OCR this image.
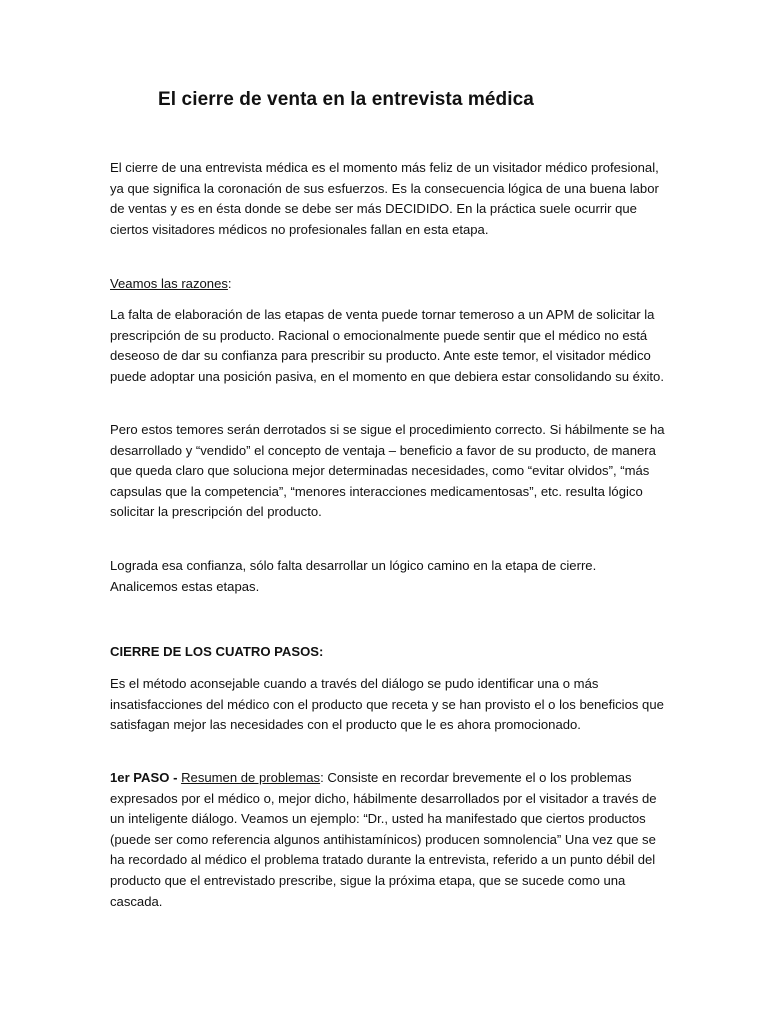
El cierre de venta en la entrevista médica

El cierre de una entrevista médica es el momento más feliz de un visitador médico profesional, ya que significa la coronación de sus esfuerzos. Es la consecuencia lógica de una buena labor de ventas y es en ésta donde se debe ser más DECIDIDO. En la práctica suele ocurrir que ciertos visitadores médicos no profesionales fallan en esta etapa.

Veamos las razones:

La falta de elaboración de las etapas de venta puede tornar temeroso a un APM de solicitar la prescripción de su producto. Racional o emocionalmente puede sentir que el médico no está deseoso de dar su confianza para prescribir su producto. Ante este temor, el visitador médico puede adoptar una posición pasiva, en el momento en que debiera estar consolidando su éxito.

Pero estos temores serán derrotados si se sigue el procedimiento correcto. Si hábilmente se ha desarrollado y “vendido” el concepto de ventaja – beneficio a favor de su producto, de manera que queda claro que soluciona mejor determinadas necesidades, como “evitar olvidos”, “más capsulas que la competencia”, “menores interacciones medicamentosas”, etc. resulta lógico solicitar la prescripción del producto.

Lograda esa confianza, sólo falta desarrollar un lógico camino en la etapa de cierre. Analicemos estas etapas.

CIERRE DE LOS CUATRO PASOS:

Es el método aconsejable cuando a través del diálogo se pudo identificar una o más insatisfacciones del médico con el producto que receta y se han provisto el o los beneficios que satisfagan mejor las necesidades con el producto que le es ahora promocionado.

1er PASO - Resumen de problemas: Consiste en recordar brevemente el o los problemas expresados por el médico o, mejor dicho, hábilmente desarrollados por el visitador a través de un inteligente diálogo. Veamos un ejemplo: “Dr., usted ha manifestado que ciertos productos (puede ser como referencia algunos antihistamínicos) producen somnolencia” Una vez que se ha recordado al médico el problema tratado durante la entrevista, referido a un punto débil del producto que el entrevistado prescribe, sigue la próxima etapa, que se sucede como una cascada.
